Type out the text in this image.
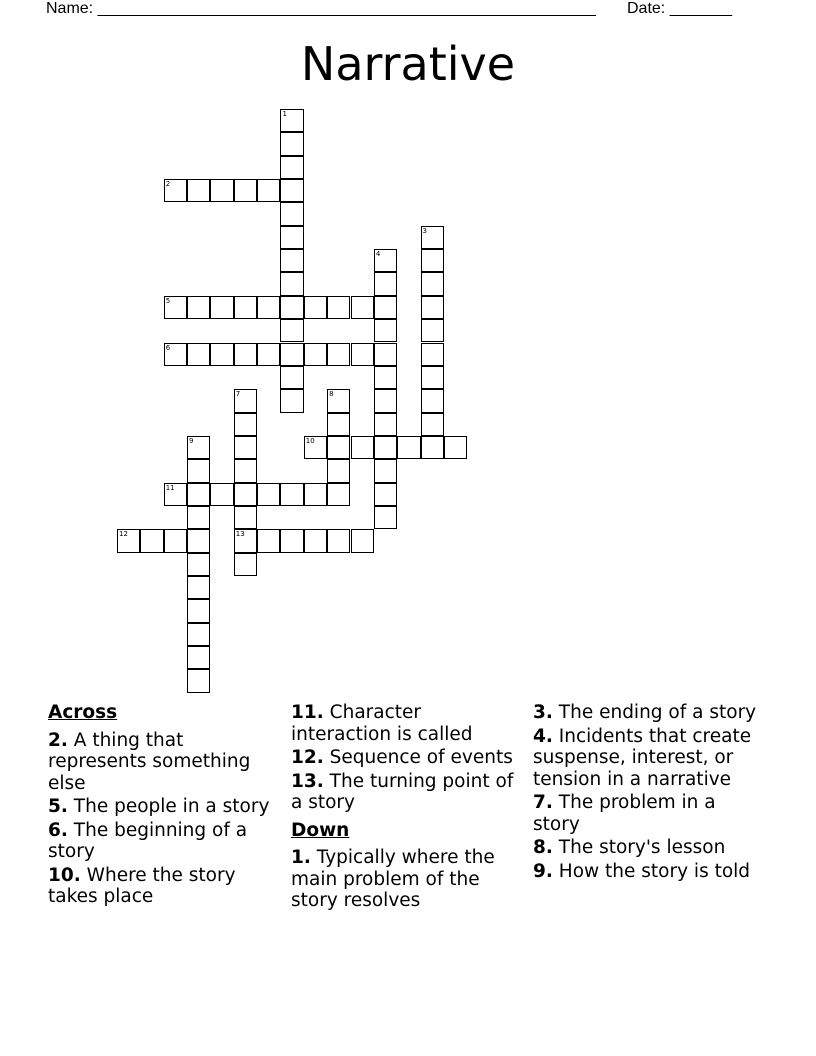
Name: ________________________________________________________ Date: _______
Narrative
1
2
3
4
5
6
7
13
8
9	10
11
12
Across
2. A thing that represents something else
5. The people in a story
6. The beginning of a story
10. Where the story takes place
11. Character interaction is called
12. Sequence of events
13. The turning point of a story
Down
1. Typically where the main problem of the story resolves
3. The ending of a story
4. Incidents that create suspense, interest, or tension in a narrative
7. The problem in a story
8. The story's lesson
9. How the story is told
